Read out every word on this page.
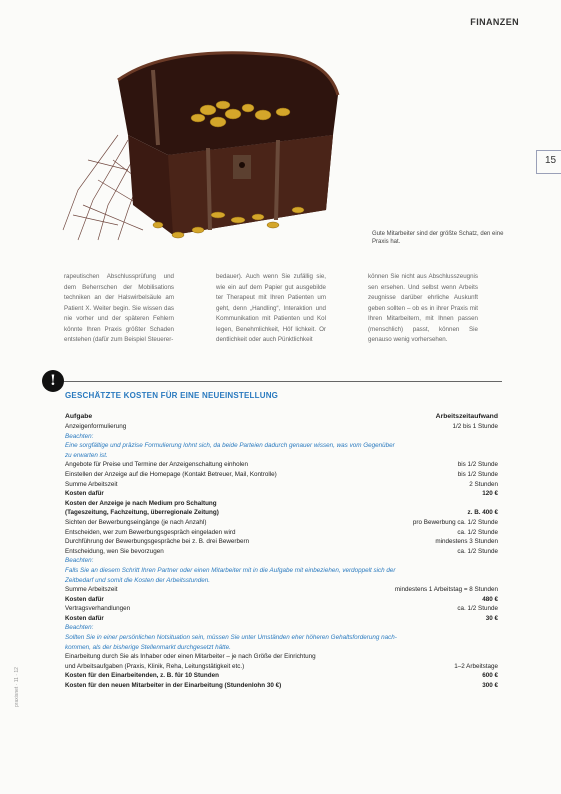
FINANZEN
15
Gute Mitarbeiter sind der größte Schatz, den eine Praxis hat.
rapeutischen Abschlussprüfung und dem Beherrschen der Mobilisations techniken an der Halswirbelsäule am Patient X. Weiter begin. Sie wissen das nie vorher und der späteren Fehlern könnte Ihren Praxis größter Schaden entstehen (dafür zum Beispiel Steuerer-
bedauer). Auch wenn Sie zufällig sie, wie ein auf dem Papier gut ausgebilde ter Therapeut mit Ihren Patienten um geht, denn „Handling“, Interaktion und Kommunikation mit Patienten und Kol legen, Benehmlichkeit, Höf lichkeit. Or dentlichkeit oder auch Pünktlichkeit
können Sie nicht aus Abschlusszeugnis sen ersehen. Und selbst wenn Arbeits zeugnisse darüber ehrliche Auskunft geben sollten – ob es in ihrer Praxis mit Ihren Mitarbeitern, mit Ihnen passen (menschlich) passt, können Sie genauso wenig vorhersehen.
!
GESCHÄTZTE KOSTEN FÜR EINE NEUEINSTELLUNG
Aufgabe	Arbeitszeitaufwand
Anzeigenformulierung	1/2 bis 1 Stunde
Beachten:
Eine sorgfältige und präzise Formulierung lohnt sich, da beide Parteien dadurch genauer wissen, was vom Gegenüber
zu erwarten ist.
Angebote für Preise und Termine der Anzeigenschaltung einholen	bis 1/2 Stunde
Einstellen der Anzeige auf die Homepage (Kontakt Betreuer, Mail, Kontrolle)	bis 1/2 Stunde
Summe Arbeitszeit	2 Stunden
Kosten dafür	120 €
Kosten der Anzeige je nach Medium pro Schaltung
(Tageszeitung, Fachzeitung, überregionale Zeitung)	z. B. 400 €
Sichten der Bewerbungseingänge (je nach Anzahl)	pro Bewerbung ca. 1/2 Stunde
Entscheiden, wer zum Bewerbungsgespräch eingeladen wird	ca. 1/2 Stunde
Durchführung der Bewerbungsgespräche bei z. B. drei Bewerbern	mindestens 3 Stunden
Entscheidung, wen Sie bevorzugen	ca. 1/2 Stunde
Beachten:
Falls Sie an diesem Schritt Ihren Partner oder einen Mitarbeiter mit in die Aufgabe mit einbeziehen, verdoppelt sich der
Zeitbedarf und somit die Kosten der Arbeitsstunden.
Summe Arbeitszeit	mindestens 1 Arbeitstag = 8 Stunden
Kosten dafür	480 €
Vertragsverhandlungen	ca. 1/2 Stunde
Kosten dafür	30 €
Beachten:
Sollten Sie in einer persönlichen Notsituation sein, müssen Sie unter Umständen eher höheren Gehaltsforderung nach-
kommen, als der bisherige Stellenmarkt durchgesetzt hätte.
Einarbeitung durch Sie als Inhaber oder einen Mitarbeiter – je nach Größe der Einrichtung
und Arbeitsaufgaben (Praxis, Klinik, Reha, Leitungstätigkeit etc.)	1–2 Arbeitstage
Kosten für den Einarbeitenden, z. B. für 10 Stunden	600 €
Kosten für den neuen Mitarbeiter in der Einarbeitung (Stundenlohn 30 €)	300 €
praxisnet · 11 · 12
